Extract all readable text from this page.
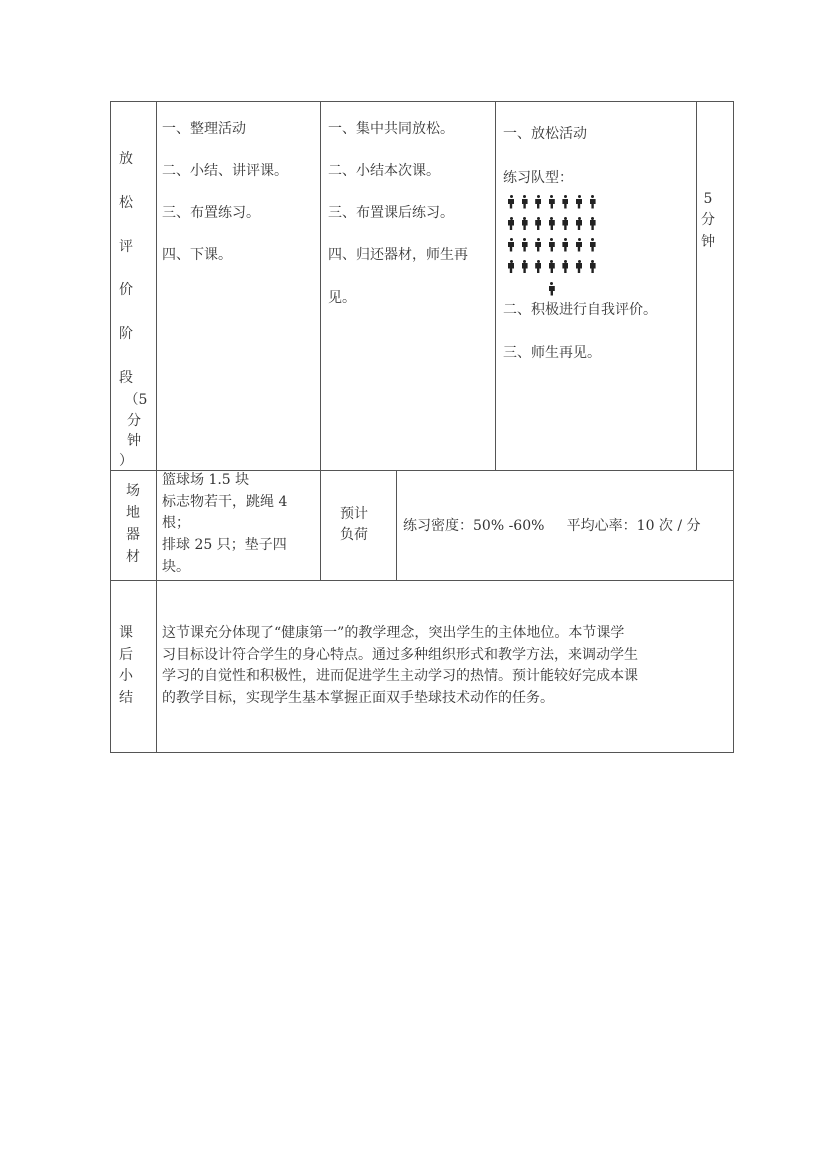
放
松
评
价
阶
段
（5
分
钟
）
一、整理活动
二、小结、讲评课。
三、布置练习。
四、下课。
一、集中共同放松。
二、小结本次课。
三、布置课后练习。
四、归还器材，师生再
见。
一、放松活动
练习队型：
二、积极进行自我评价。
三、师生再见。
5
分
钟
场
地
器
材
篮球场 1.5 块
标志物若干，跳绳 4
根；
排球 25 只；垫子四
块。
预计
负荷
练习密度：50% -60%     平均心率：10 次 / 分
课
后
小
结
这节课充分体现了“健康第一”的教学理念，突出学生的主体地位。本节课学
习目标设计符合学生的身心特点。通过多种组织形式和教学方法，来调动学生
学习的自觉性和积极性，进而促进学生主动学习的热情。预计能较好完成本课
的教学目标，实现学生基本掌握正面双手垫球技术动作的任务。
